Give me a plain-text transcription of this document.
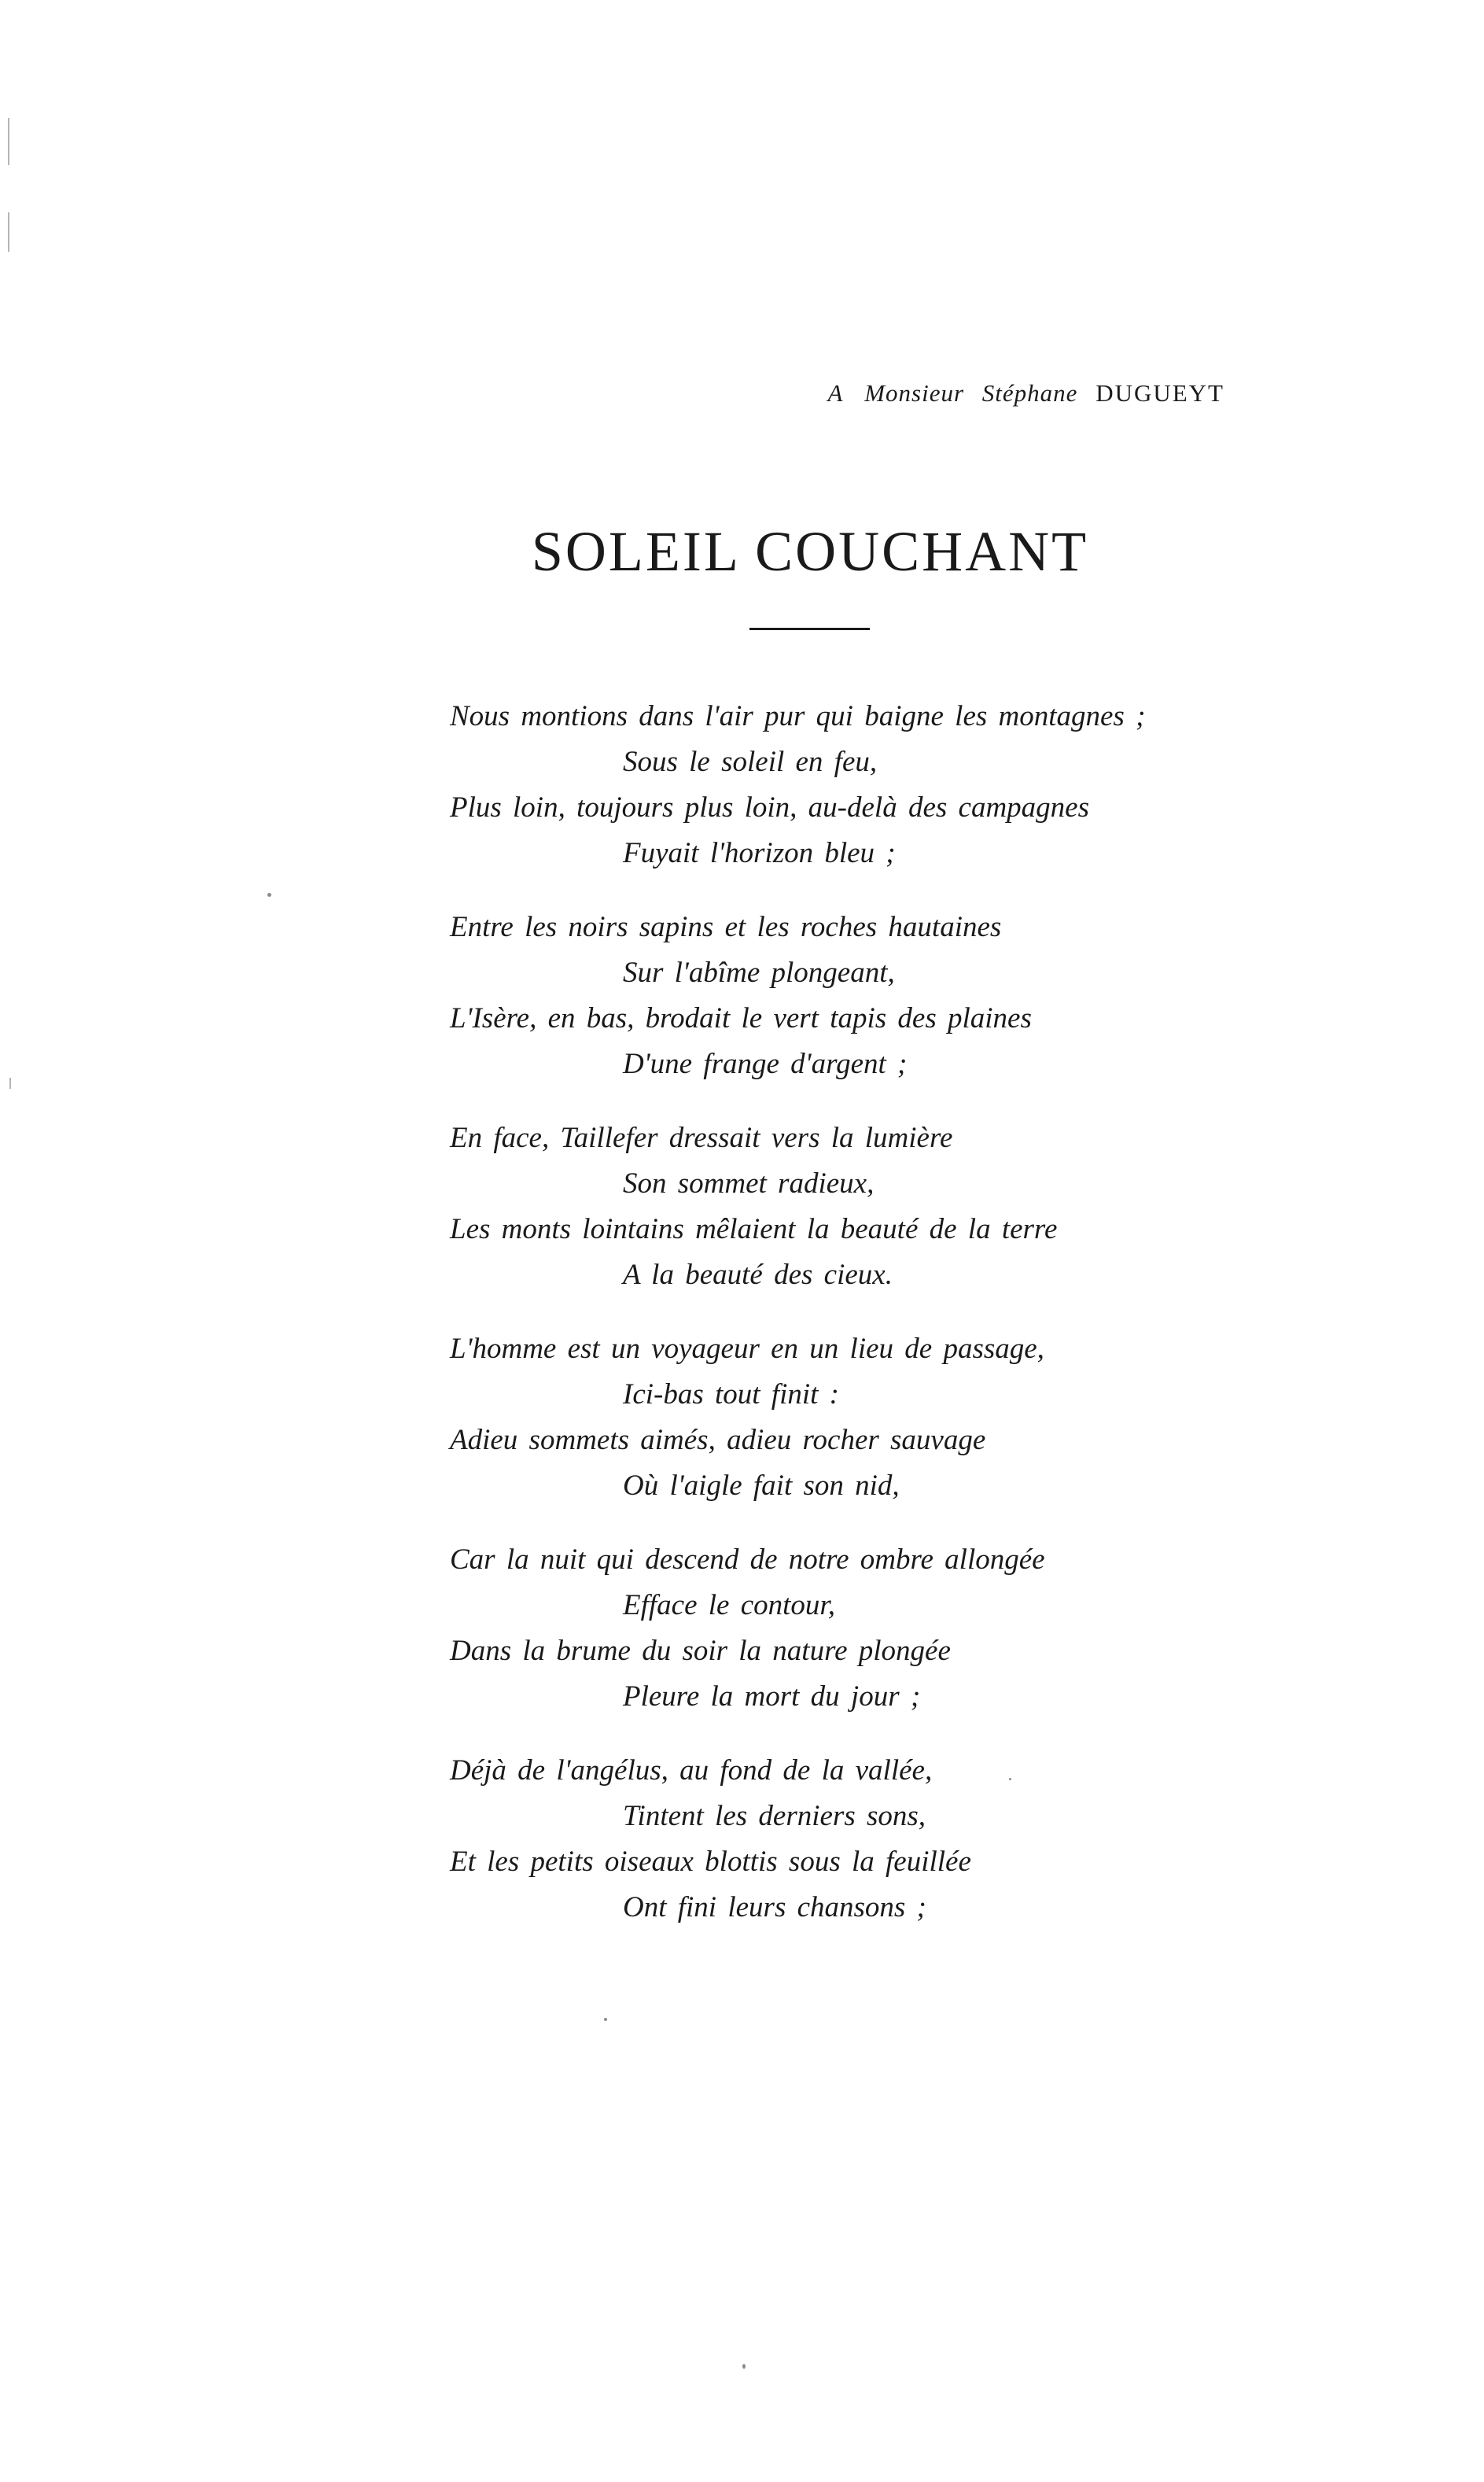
A Monsieur Stéphane DUGUEYT
SOLEIL COUCHANT
Nous montions dans l'air pur qui baigne les montagnes ;
Sous le soleil en feu,
Plus loin, toujours plus loin, au-delà des campagnes
Fuyait l'horizon bleu ;
Entre les noirs sapins et les roches hautaines
Sur l'abîme plongeant,
L'Isère, en bas, brodait le vert tapis des plaines
D'une frange d'argent ;
En face, Taillefer dressait vers la lumière
Son sommet radieux,
Les monts lointains mêlaient la beauté de la terre
A la beauté des cieux.
L'homme est un voyageur en un lieu de passage,
Ici-bas tout finit :
Adieu sommets aimés, adieu rocher sauvage
Où l'aigle fait son nid,
Car la nuit qui descend de notre ombre allongée
Efface le contour,
Dans la brume du soir la nature plongée
Pleure la mort du jour ;
Déjà de l'angélus, au fond de la vallée,
Tintent les derniers sons,
Et les petits oiseaux blottis sous la feuillée
Ont fini leurs chansons ;
